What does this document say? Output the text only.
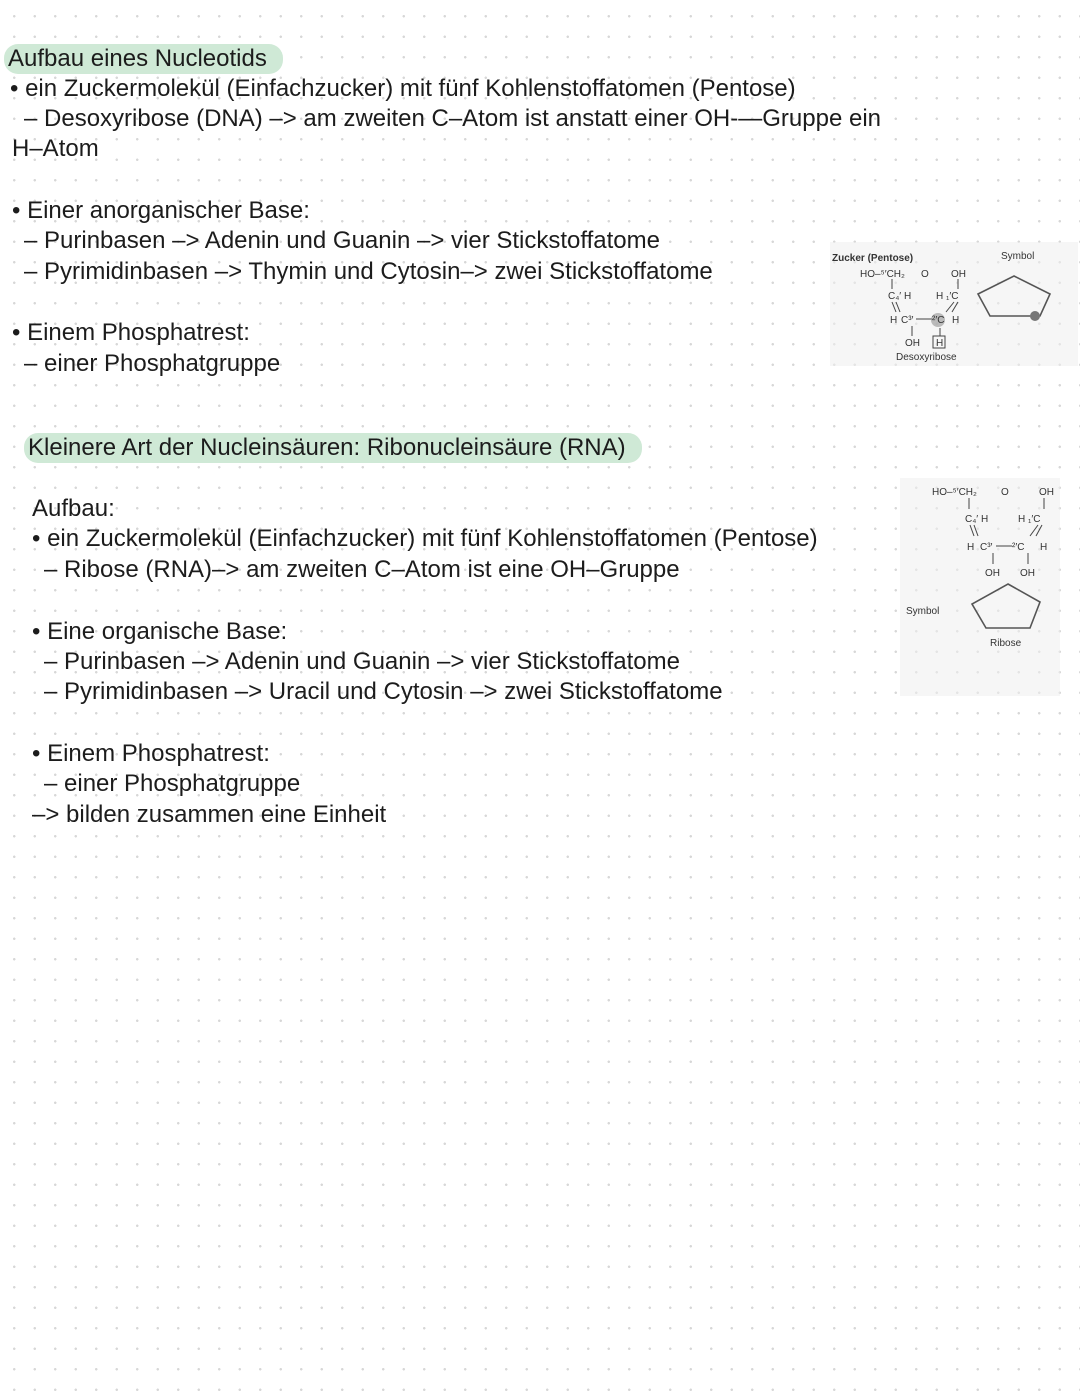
Aufbau eines Nucleotids
• ein Zuckermolekül (Einfachzucker) mit fünf Kohlenstoffatomen (Pentose)
– Desoxyribose (DNA) –> am zweiten C–Atom ist anstatt einer OH-—Gruppe ein
H–Atom
• Einer anorganischer Base:
– Purinbasen –> Adenin und Guanin –> vier Stickstoffatome
– Pyrimidinbasen –> Thymin und Cytosin–> zwei Stickstoffatome
• Einem Phosphatrest:
– einer Phosphatgruppe
Zucker (Pentose)	Symbol
HO–⁵′CH₂ O OH
C₄′ H H ₁′C
H C³′ ²′C H
OH H
Desoxyribose
Kleinere Art der Nucleinsäuren: Ribonucleinsäure (RNA)
Aufbau:
• ein Zuckermolekül (Einfachzucker) mit fünf Kohlenstoffatomen (Pentose)
– Ribose (RNA)–> am zweiten C–Atom ist eine OH–Gruppe
• Eine organische Base:
– Purinbasen –> Adenin und Guanin –> vier Stickstoffatome
– Pyrimidinbasen –> Uracil und Cytosin –> zwei Stickstoffatome
• Einem Phosphatrest:
– einer Phosphatgruppe
–> bilden zusammen eine Einheit
HO–⁵′CH₂ O	OH
C₄′ H	H ₁′C
H C³′ ²′C H
OH OH
Symbol
Ribose
